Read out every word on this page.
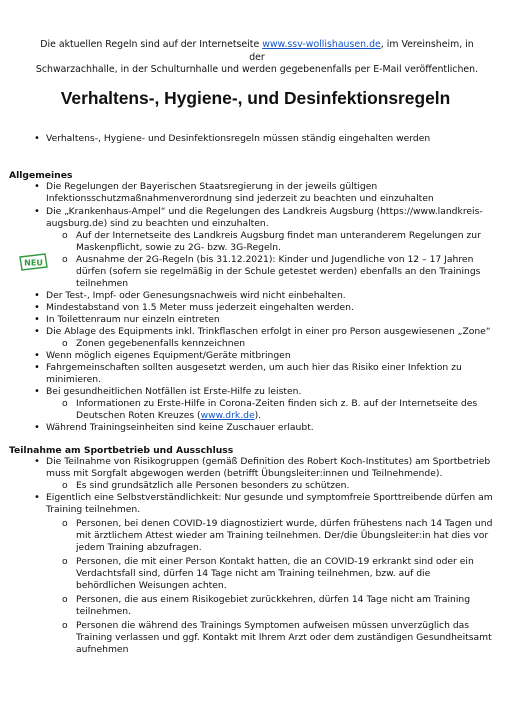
Die aktuellen Regeln sind auf der Internetseite www.ssv-wollishausen.de, im Vereinsheim, in der
Schwarzachhalle, in der Schulturnhalle und werden gegebenenfalls per E-Mail veröffentlichen.
Verhaltens-, Hygiene-, und Desinfektionsregeln
• Verhaltens-, Hygiene- und Desinfektionsregeln müssen ständig eingehalten werden
Allgemeines
• Die Regelungen der Bayerischen Staatsregierung in der jeweils gültigen
Infektionsschutzmaßnahmenverordnung sind jederzeit zu beachten und einzuhalten
• Die „Krankenhaus-Ampel“ und die Regelungen des Landkreis Augsburg (https://www.landkreis-
augsburg.de) sind zu beachten und einzuhalten.
o Auf der Internetseite des Landkreis Augsburg findet man unteranderem Regelungen zur
Maskenpflicht, sowie zu 2G- bzw. 3G-Regeln.
NEU o Ausnahme der 2G-Regeln (bis 31.12.2021): Kinder und Jugendliche von 12 – 17 Jahren
dürfen (sofern sie regelmäßig in der Schule getestet werden) ebenfalls an den Trainings
teilnehmen
• Der Test-, Impf- oder Genesungsnachweis wird nicht einbehalten.
• Mindestabstand von 1.5 Meter muss jederzeit eingehalten werden.
• In Toilettenraum nur einzeln eintreten
• Die Ablage des Equipments inkl. Trinkflaschen erfolgt in einer pro Person ausgewiesenen „Zone“
o Zonen gegebenenfalls kennzeichnen
• Wenn möglich eigenes Equipment/Geräte mitbringen
• Fahrgemeinschaften sollten ausgesetzt werden, um auch hier das Risiko einer Infektion zu
minimieren.
• Bei gesundheitlichen Notfällen ist Erste-Hilfe zu leisten.
o Informationen zu Erste-Hilfe in Corona-Zeiten finden sich z. B. auf der Internetseite des
Deutschen Roten Kreuzes (www.drk.de).
• Während Trainingseinheiten sind keine Zuschauer erlaubt.
Teilnahme am Sportbetrieb und Ausschluss
• Die Teilnahme von Risikogruppen (gemäß Definition des Robert Koch-Institutes) am Sportbetrieb
muss mit Sorgfalt abgewogen werden (betrifft Übungsleiter:innen und Teilnehmende).
o Es sind grundsätzlich alle Personen besonders zu schützen.
• Eigentlich eine Selbstverständlichkeit: Nur gesunde und symptomfreie Sporttreibende dürfen am
Training teilnehmen.
o Personen, bei denen COVID-19 diagnostiziert wurde, dürfen frühestens nach 14 Tagen und
mit ärztlichem Attest wieder am Training teilnehmen. Der/die Übungsleiter:in hat dies vor
jedem Training abzufragen.
o Personen, die mit einer Person Kontakt hatten, die an COVID-19 erkrankt sind oder ein
Verdachtsfall sind, dürfen 14 Tage nicht am Training teilnehmen, bzw. auf die
behördlichen Weisungen achten.
o Personen, die aus einem Risikogebiet zurückkehren, dürfen 14 Tage nicht am Training
teilnehmen.
o Personen die während des Trainings Symptomen aufweisen müssen unverzüglich das
Training verlassen und ggf. Kontakt mit Ihrem Arzt oder dem zuständigen Gesundheitsamt
aufnehmen
